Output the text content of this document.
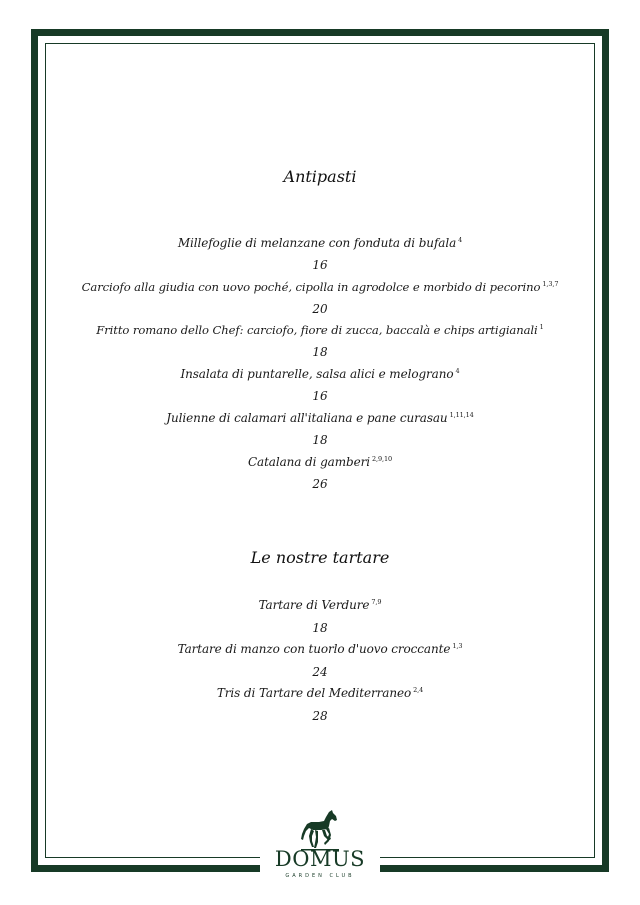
Antipasti
Millefoglie di melanzane con fonduta di bufala $^4$
16
Carciofo alla giudia con uovo poché, cipolla in agrodolce e morbido di pecorino $^{1,3,7}$
20
Fritto romano dello Chef: carciofo, fiore di zucca, baccalà e chips artigianali $^1$
18
Insalata di puntarelle, salsa alici e melograno $^4$
16
Julienne di calamari all'italiana e pane curasau $^{1,11,14}$
18
Catalana di gamberi $^{2,9,10}$
26
Le nostre tartare
Tartare di Verdure $^{7,9}$
18
Tartare di manzo con tuorlo d'uovo croccante $^{1,3}$
24
Tris di Tartare del Mediterraneo $^{2,4}$
28
DOMUS
GARDEN CLUB
